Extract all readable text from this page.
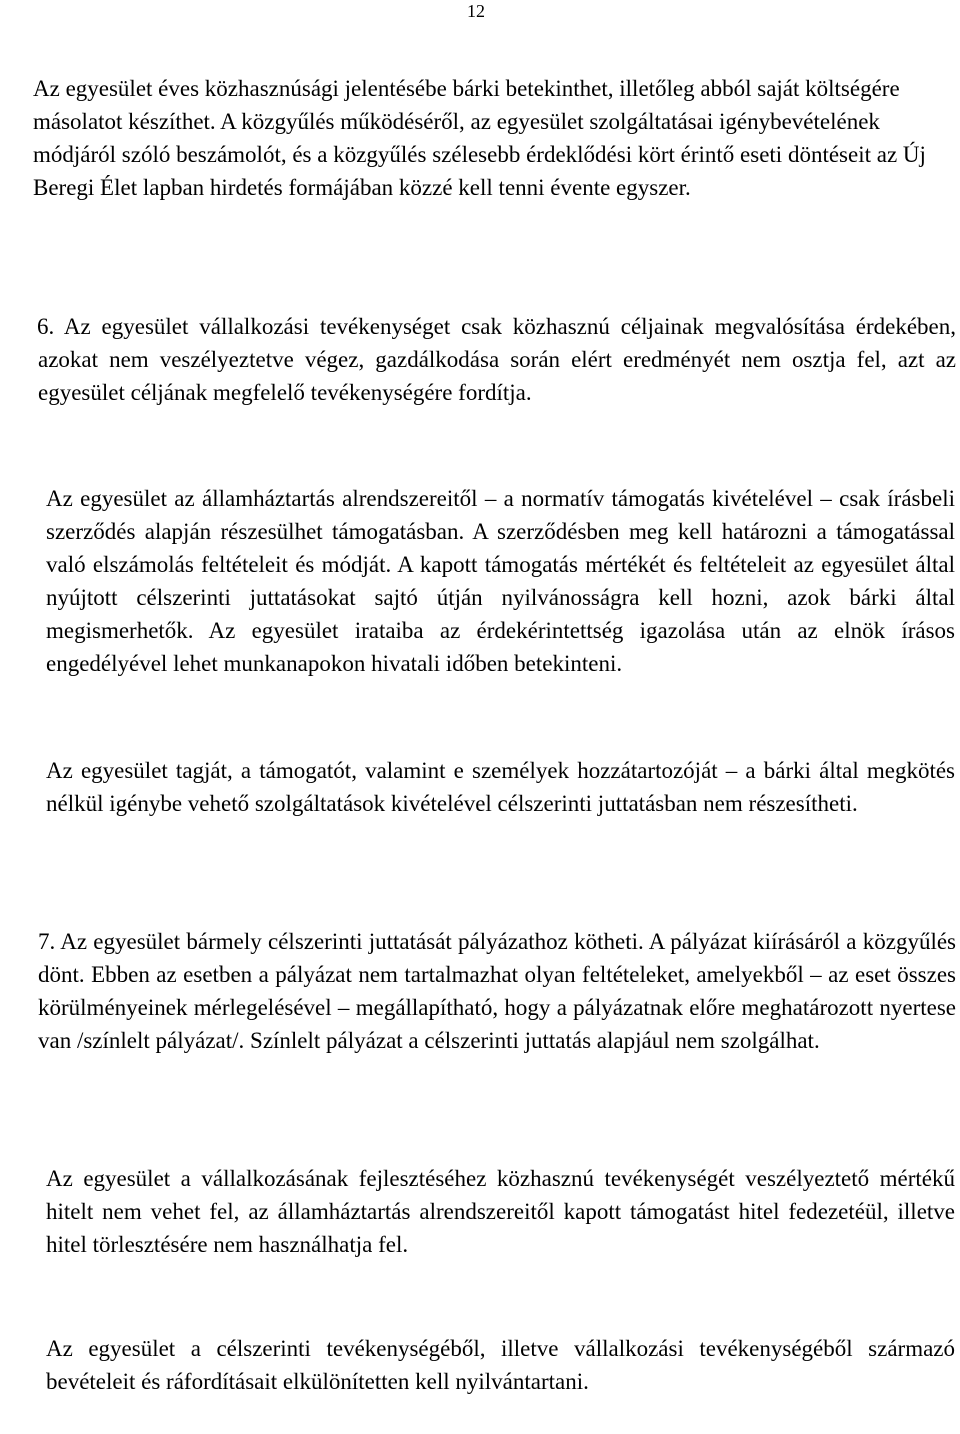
12

Az egyesület éves közhasznúsági jelentésébe bárki betekinthet, illetőleg abból saját költségére másolatot készíthet. A közgyűlés működéséről, az egyesület szolgáltatásai igénybevételének módjáról szóló beszámolót, és a közgyűlés szélesebb érdeklődési kört érintő eseti döntéseit az Új Beregi Élet lapban hirdetés formájában közzé kell tenni évente egyszer.

6. Az egyesület vállalkozási tevékenységet csak közhasznú céljainak megvalósítása érdekében, azokat nem veszélyeztetve végez, gazdálkodása során elért eredményét nem osztja fel, azt az egyesület céljának megfelelő tevékenységére fordítja.

Az egyesület az államháztartás alrendszereitől – a normatív támogatás kivételével – csak írásbeli szerződés alapján részesülhet támogatásban. A szerződésben meg kell határozni a támogatással való elszámolás feltételeit és módját. A kapott támogatás mértékét és feltételeit az egyesület által nyújtott célszerinti juttatásokat sajtó útján nyilvánosságra kell hozni, azok bárki által megismerhetők. Az egyesület irataiba az érdekérintettség igazolása után az elnök írásos engedélyével lehet munkanapokon hivatali időben betekinteni.

Az egyesület tagját, a támogatót, valamint e személyek hozzátartozóját – a bárki által megkötés nélkül igénybe vehető szolgáltatások kivételével célszerinti juttatásban nem részesítheti.

7. Az egyesület bármely célszerinti juttatását pályázathoz kötheti. A pályázat kiírásáról a közgyűlés dönt. Ebben az esetben a pályázat nem tartalmazhat olyan feltételeket, amelyekből – az eset összes körülményeinek mérlegelésével – megállapítható, hogy a pályázatnak előre meghatározott nyertese van /színlelt pályázat/. Színlelt pályázat a célszerinti juttatás alapjául nem szolgálhat.

Az egyesület a vállalkozásának fejlesztéséhez közhasznú tevékenységét veszélyeztető mértékű hitelt nem vehet fel, az államháztartás alrendszereitől kapott támogatást hitel fedezetéül, illetve hitel törlesztésére nem használhatja fel.

Az egyesület a célszerinti tevékenységéből, illetve vállalkozási tevékenységéből származó bevételeit és ráfordításait elkülönítetten kell nyilvántartani.
